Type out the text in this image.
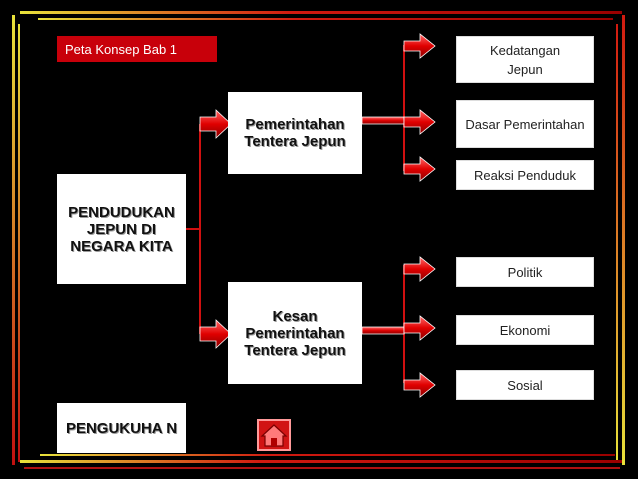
Peta Konsep Bab 1
PENDUDUKAN JEPUN DI NEGARA KITA
PENGUKUHA N
Pemerintahan Tentera Jepun
Kesan Pemerintahan Tentera Jepun
Kedatangan Jepun
Dasar Pemerintahan
Reaksi Penduduk
Politik
Ekonomi
Sosial
